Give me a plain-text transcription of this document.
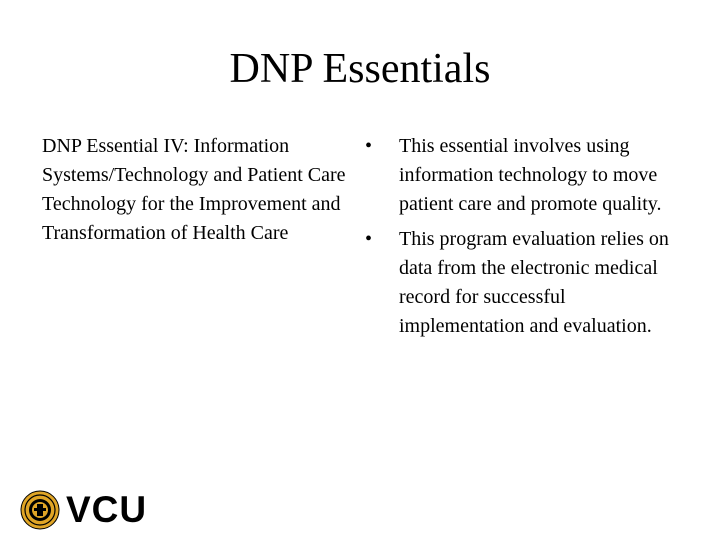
DNP Essentials
DNP Essential IV: Information Systems/Technology and Patient Care Technology for the Improvement and Transformation of Health Care
• This essential involves using information technology to move patient care and promote quality.
• This program evaluation relies on data from the electronic medical record for successful implementation and evaluation.
VCU
